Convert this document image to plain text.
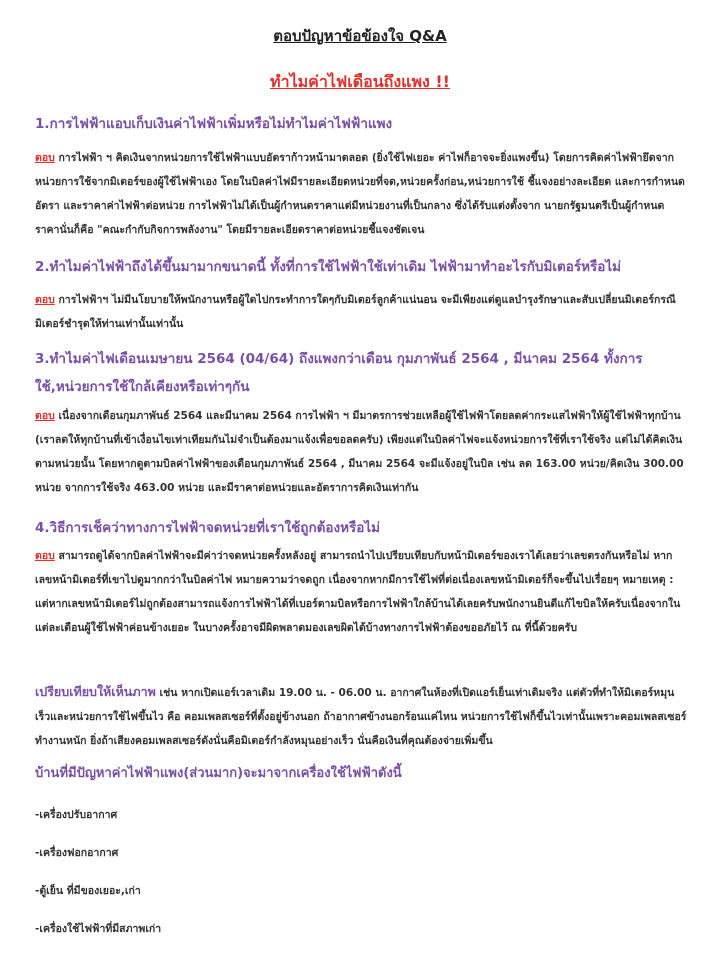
ตอบปัญหาข้อข้องใจ Q&A
ทำไมค่าไฟเดือนถึงแพง !!

1.การไฟฟ้าแอบเก็บเงินค่าไฟฟ้าเพิ่มหรือไม่ทำไมค่าไฟฟ้าแพง

ตอบ การไฟฟ้า ฯ คิดเงินจากหน่วยการใช้ไฟฟ้าแบบอัตราก้าวหน้ามาตลอด (ยิ่งใช้ไฟเยอะ ค่าไฟก็อาจจะยิ่งแพงขึ้น) โดยการคิดค่าไฟฟ้ายึดจากหน่วยการใช้จากมิเตอร์ของผู้ใช้ไฟฟ้าเอง โดยในบิลค่าไฟมีรายละเอียดหน่วยที่จด,หน่วยครั้งก่อน,หน่วยการใช้ ชี้แจงอย่างละเอียด และการกำหนดอัตรา และราคาค่าไฟฟ้าต่อหน่วย การไฟฟ้าไม่ได้เป็นผู้กำหนดราคาแต่มีหน่วยงานที่เป็นกลาง ซึ่งได้รับแต่งตั้งจาก นายกรัฐมนตรีเป็นผู้กำหนดราคานั่นก็คือ "คณะกำกับกิจการพลังงาน" โดยมีรายละเอียดราคาต่อหน่วยชี้แจงชัดเจน

2.ทำไมค่าไฟฟ้าถึงได้ขึ้นมามากขนาดนี้ ทั้งที่การใช้ไฟฟ้าใช้เท่าเดิม ไฟฟ้ามาทำอะไรกับมิเตอร์หรือไม่

ตอบ การไฟฟ้าฯ ไม่มีนโยบายให้พนักงานหรือผู้ใดไปกระทำการใดๆกับมิเตอร์ลูกค้าแน่นอน จะมีเพียงแต่ดูแลบำรุงรักษาและสับเปลี่ยนมิเตอร์กรณีมิเตอร์ชำรุดให้ท่านเท่านั้นเท่านั้น

3.ทำไมค่าไฟเดือนเมษายน 2564 (04/64) ถึงแพงกว่าเดือน กุมภาพันธ์ 2564 , มีนาคม 2564 ทั้งการใช้,หน่วยการใช้ใกล้เคียงหรือเท่าๆกัน

ตอบ เนื่องจากเดือนกุมภาพันธ์ 2564 และมีนาคม 2564 การไฟฟ้า ฯ มีมาตรการช่วยเหลือผู้ใช้ไฟฟ้าโดยลดค่ากระแสไฟฟ้าให้ผู้ใช้ไฟฟ้าทุกบ้าน (เราลดให้ทุกบ้านที่เข้าเงื่อนไขเท่าเทียมกันไม่จำเป็นต้องมาแจ้งเพื่อขอลดครับ) เพียงแต่ในบิลค่าไฟจะแจ้งหน่วยการใช้ที่เราใช้จริง แต่ไม่ได้คิดเงินตามหน่วยนั้น โดยหากดูตามบิลค่าไฟฟ้าของเดือนกุมภาพันธ์ 2564 , มีนาคม 2564 จะมีแจ้งอยู่ในบิล เช่น ลด 163.00 หน่วย/คิดเงิน 300.00 หน่วย จากการใช้จริง 463.00 หน่วย และมีราคาต่อหน่วยและอัตราการคิดเงินเท่ากัน

4.วิธีการเช็คว่าทางการไฟฟ้าจดหน่วยที่เราใช้ถูกต้องหรือไม่

ตอบ สามารถดูได้จากบิลค่าไฟฟ้าจะมีค่าว่าจดหน่วยครั้งหลังอยู่ สามารถนำไปเปรียบเทียบกับหน้ามิเตอร์ของเราได้เลยว่าเลขตรงกันหรือไม่ หากเลขหน้ามิเตอร์ที่เขาไปดูมากกว่าในบิลค่าไฟ หมายความว่าจดถูก เนื่องจากหากมีการใช้ไฟที่ต่อเนื่องเลขหน้ามิเตอร์ก็จะขึ้นไปเรื่อยๆ หมายเหตุ : แต่หากเลขหน้ามิเตอร์ไม่ถูกต้องสามารถแจ้งการไฟฟ้าได้ที่เบอร์ตามบิลหรือการไฟฟ้าใกล้บ้านได้เลยครับพนักงานยินดีแก้ไขบิลให้ครับเนื่องจากในแต่ละเดือนผู้ใช้ไฟฟ้าค่อนข้างเยอะ ในบางครั้งอาจมีผิดพลาดมองเลขผิดได้บ้างทางการไฟฟ้าต้องขออภัยไว้ ณ ที่นี้ด้วยครับ

เปรียบเทียบให้เห็นภาพ เช่น หากเปิดแอร์เวลาเดิม 19.00 น. - 06.00 น. อากาศในห้องที่เปิดแอร์เย็นเท่าเดิมจริง แต่ตัวที่ทำให้มิเตอร์หมุนเร็วและหน่วยการใช้ไฟขึ้นไว คือ คอมเพลสเซอร์ที่ตั้งอยู่ข้างนอก ถ้าอากาศข้างนอกร้อนแค่ไหน หน่วยการใช้ไฟก็ขึ้นไวเท่านั้นเพราะคอมเพลสเซอร์ทำงานหนัก ยิ่งถ้าเสียงคอมเพลสเซอร์ดังนั่นคือมิเตอร์กำลังหมุนอย่างเร็ว นั่นคือเงินที่คุณต้องจ่ายเพิ่มขึ้น

บ้านที่มีปัญหาค่าไฟฟ้าแพง(ส่วนมาก)จะมาจากเครื่องใช้ไฟฟ้าดังนี้

-เครื่องปรับอากาศ
-เครื่องฟอกอากาศ
-ตู้เย็น ที่มีของเยอะ,เก่า
-เครื่องใช้ไฟฟ้าที่มีสภาพเก่า
